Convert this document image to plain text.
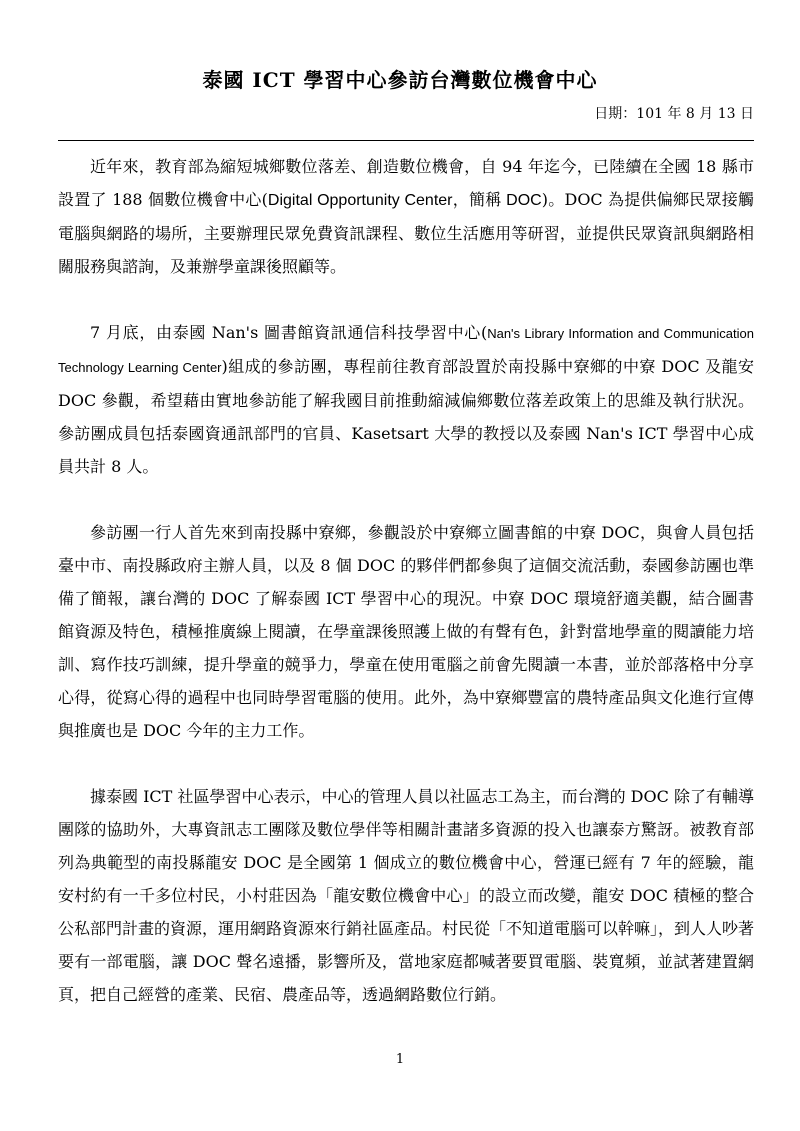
泰國 ICT 學習中心參訪台灣數位機會中心
日期：101 年 8 月 13 日

近年來，教育部為縮短城鄉數位落差、創造數位機會，自 94 年迄今，已陸續在全國 18 縣市設置了 188 個數位機會中心(Digital Opportunity Center，簡稱 DOC)。DOC 為提供偏鄉民眾接觸電腦與網路的場所，主要辦理民眾免費資訊課程、數位生活應用等研習，並提供民眾資訊與網路相關服務與諮詢，及兼辦學童課後照顧等。

7 月底，由泰國 Nan's 圖書館資訊通信科技學習中心(Nan's Library Information and Communication Technology Learning Center)組成的參訪團，專程前往教育部設置於南投縣中寮鄉的中寮 DOC 及龍安 DOC 參觀，希望藉由實地參訪能了解我國目前推動縮減偏鄉數位落差政策上的思維及執行狀況。參訪團成員包括泰國資通訊部門的官員、Kasetsart 大學的教授以及泰國 Nan's ICT 學習中心成員共計 8 人。

參訪團一行人首先來到南投縣中寮鄉，參觀設於中寮鄉立圖書館的中寮 DOC，與會人員包括臺中市、南投縣政府主辦人員，以及 8 個 DOC 的夥伴們都參與了這個交流活動，泰國參訪團也準備了簡報，讓台灣的 DOC 了解泰國 ICT 學習中心的現況。中寮 DOC 環境舒適美觀，結合圖書館資源及特色，積極推廣線上閱讀，在學童課後照護上做的有聲有色，針對當地學童的閱讀能力培訓、寫作技巧訓練，提升學童的競爭力，學童在使用電腦之前會先閱讀一本書，並於部落格中分享心得，從寫心得的過程中也同時學習電腦的使用。此外，為中寮鄉豐富的農特產品與文化進行宣傳與推廣也是 DOC 今年的主力工作。

據泰國 ICT 社區學習中心表示，中心的管理人員以社區志工為主，而台灣的 DOC 除了有輔導團隊的協助外，大專資訊志工團隊及數位學伴等相關計畫諸多資源的投入也讓泰方驚訝。被教育部列為典範型的南投縣龍安 DOC 是全國第 1 個成立的數位機會中心，營運已經有 7 年的經驗，龍安村約有一千多位村民，小村莊因為「龍安數位機會中心」的設立而改變，龍安 DOC 積極的整合公私部門計畫的資源，運用網路資源來行銷社區產品。村民從「不知道電腦可以幹嘛」，到人人吵著要有一部電腦，讓 DOC 聲名遠播，影響所及，當地家庭都喊著要買電腦、裝寬頻，並試著建置網頁，把自己經營的產業、民宿、農產品等，透過網路數位行銷。

1
